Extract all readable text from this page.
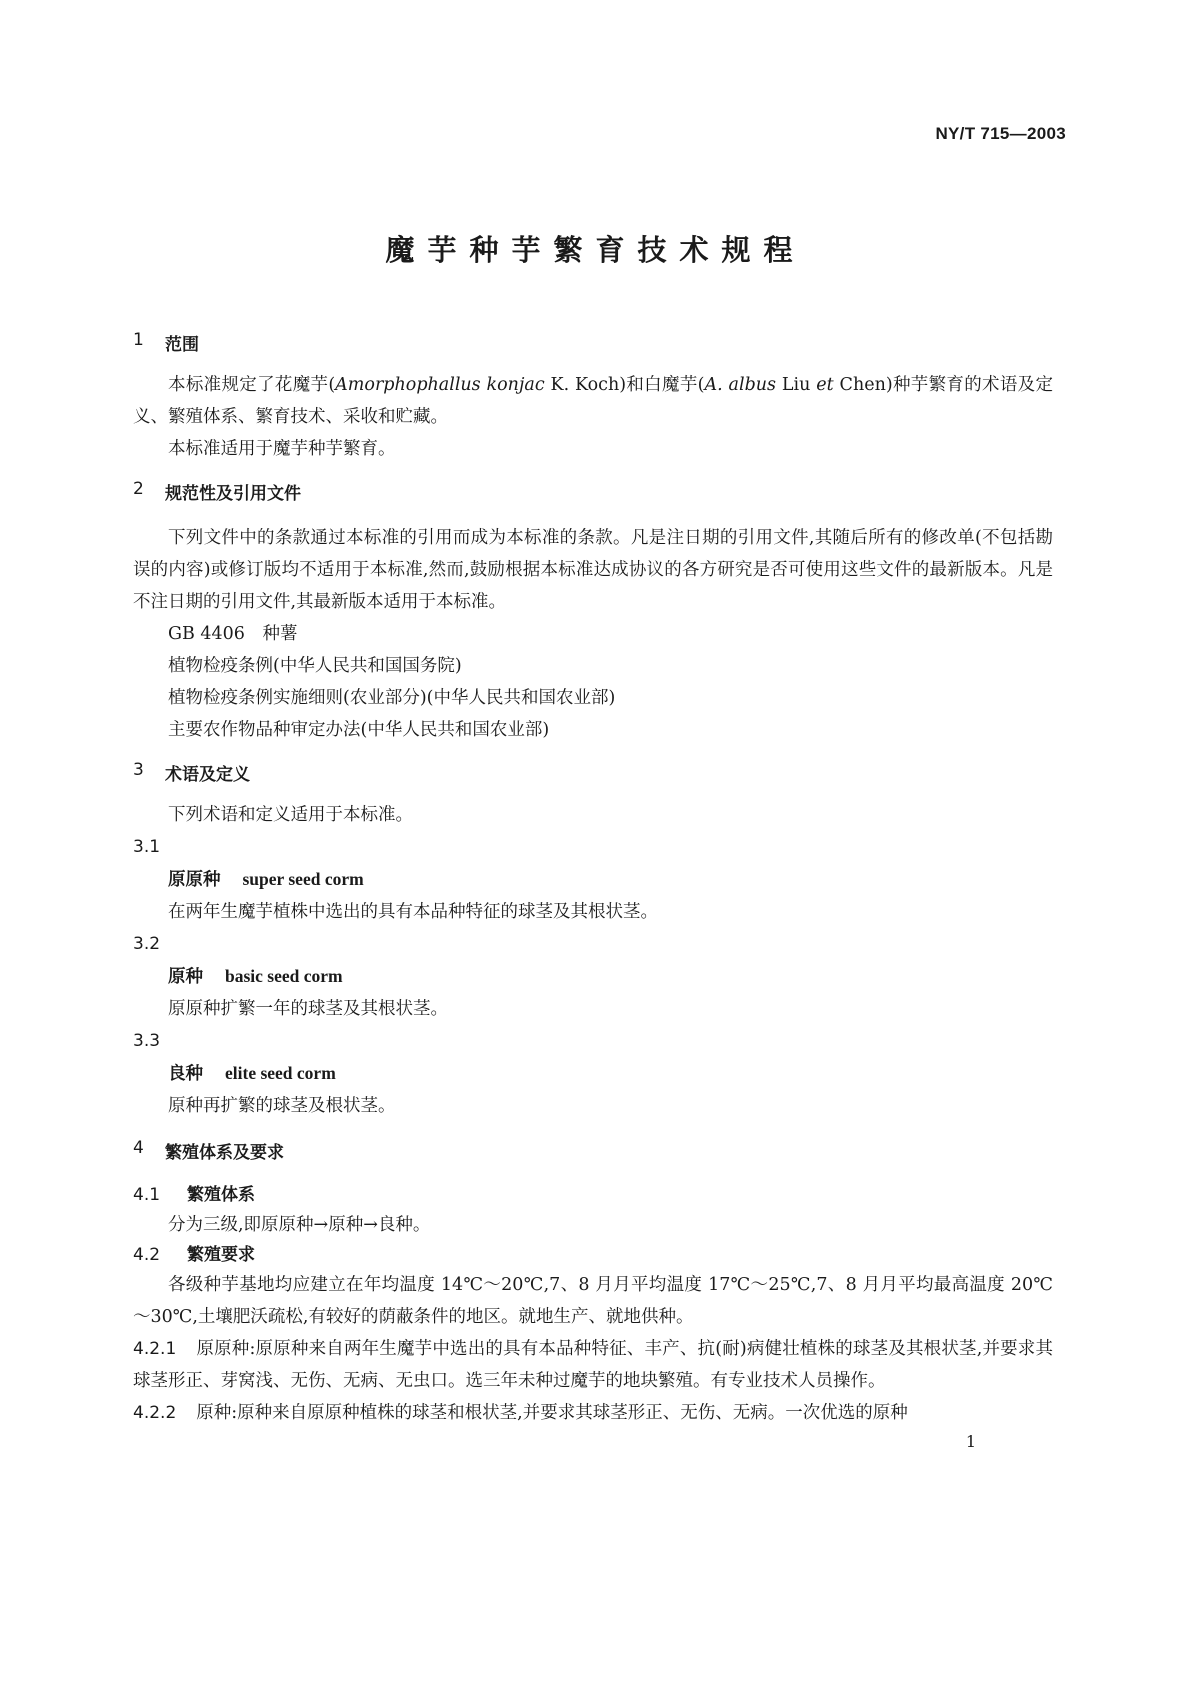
NY/T 715—2003
魔芋种芋繁育技术规程
1	范围
本标准规定了花魔芋(Amorphophallus konjac K. Koch)和白魔芋(A. albus Liu et Chen)种芋繁育的术语及定义、繁殖体系、繁育技术、采收和贮藏。
本标准适用于魔芋种芋繁育。
2	规范性及引用文件
下列文件中的条款通过本标准的引用而成为本标准的条款。凡是注日期的引用文件,其随后所有的修改单(不包括勘误的内容)或修订版均不适用于本标准,然而,鼓励根据本标准达成协议的各方研究是否可使用这些文件的最新版本。凡是不注日期的引用文件,其最新版本适用于本标准。
GB 4406　种薯
植物检疫条例(中华人民共和国国务院)
植物检疫条例实施细则(农业部分)(中华人民共和国农业部)
主要农作物品种审定办法(中华人民共和国农业部)
3	术语及定义
下列术语和定义适用于本标准。
3.1
原原种 super seed corm
在两年生魔芋植株中选出的具有本品种特征的球茎及其根状茎。
3.2
原种 basic seed corm
原原种扩繁一年的球茎及其根状茎。
3.3
良种 elite seed corm
原种再扩繁的球茎及根状茎。
4	繁殖体系及要求
4.1	繁殖体系
分为三级,即原原种→原种→良种。
4.2	繁殖要求
各级种芋基地均应建立在年均温度 14℃～20℃,7、8 月月平均温度 17℃～25℃,7、8 月月平均最高温度 20℃～30℃,土壤肥沃疏松,有较好的荫蔽条件的地区。就地生产、就地供种。
4.2.1 原原种:原原种来自两年生魔芋中选出的具有本品种特征、丰产、抗(耐)病健壮植株的球茎及其根状茎,并要求其球茎形正、芽窝浅、无伤、无病、无虫口。选三年未种过魔芋的地块繁殖。有专业技术人员操作。
4.2.2 原种:原种来自原原种植株的球茎和根状茎,并要求其球茎形正、无伤、无病。一次优选的原种
1
